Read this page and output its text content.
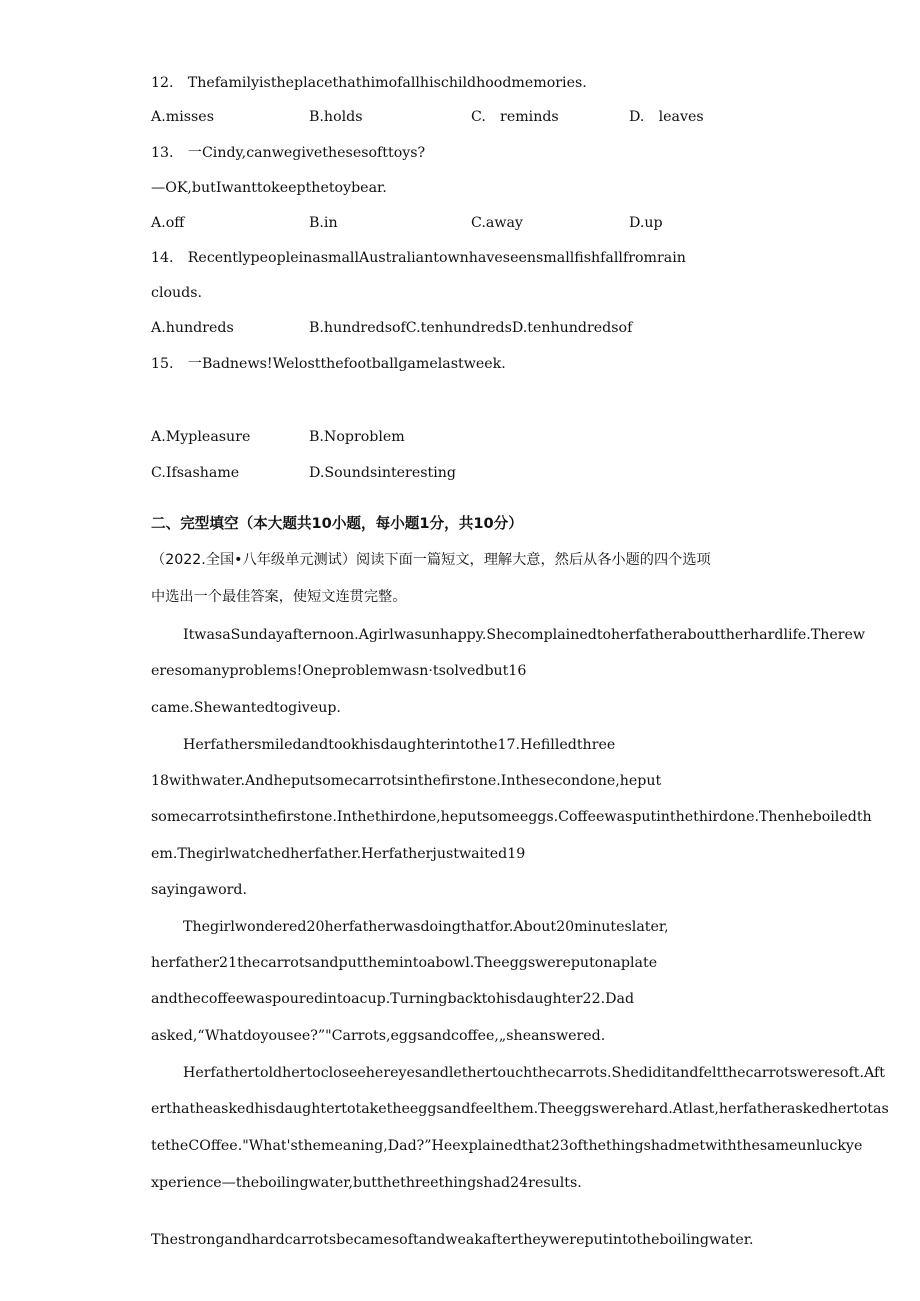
12. Thefamilyistheplacethathimofallhischildhoodmemories.
A.misses	B.holds	C. reminds	D. leaves
13. 一Cindy,canwegivethesesofttoys?
—OK,butIwanttokeepthetoybear.
A.off	B.in	C.away	D.up
14. RecentlypeopleinasmallAustraliantownhaveseensmallfishfallfromrain
clouds.
A.hundreds	B.hundredsofC.tenhundredsD.tenhundredsof
15. 一Badnews!Welostthefootballgamelastweek.
A.Mypleasure	B.Noproblem
C.Ifsashame	D.Soundsinteresting
二、完型填空（本大题共10小题，每小题1分，共10分）
（2022.全国•八年级单元测试）阅读下面一篇短文，理解大意，然后从各小题的四个选项
中选出一个最佳答案，使短文连贯完整。
ItwasaSundayafternoon.Agirlwasunhappy.Shecomplainedtoherfatherabouttherhardlife.Therew
eresomanyproblems!Oneproblemwasn·tsolvedbut16
came.Shewantedtogiveup.
Herfathersmiledandtookhisdaughterintothe17.Hefilledthree
18withwater.Andheputsomecarrotsinthefirstone.Inthesecondone,heput
somecarrotsinthefirstone.Inthethirdone,heputsomeeggs.Coffeewasputinthethirdone.Thenheboiledth
em.Thegirlwatchedherfather.Herfatherjustwaited19
sayingaword.
Thegirlwondered20herfatherwasdoingthatfor.About20minuteslater,
herfather21thecarrotsandputthemintoabowl.Theeggswereputonaplate
andthecoffeewaspouredintoacup.Turningbacktohisdaughter22.Dad
asked,“Whatdoyousee?”"Carrots,eggsandcoffee,„sheanswered.
Herfathertoldhertocloseehereyesandlethertouchthecarrots.Shediditandfeltthecarrotsweresoft.Aft
erthatheaskedhisdaughtertotaketheeggsandfeelthem.Theeggswerehard.Atlast,herfatheraskedhertotas
tetheCOffee."What'sthemeaning,Dad?”Heexplainedthat23ofthethingshadmetwiththesameunluckye
xperience—theboilingwater,butthethreethingshad24results.
Thestrongandhardcarrotsbecamesoftandweakaftertheywereputintotheboilingwater.
